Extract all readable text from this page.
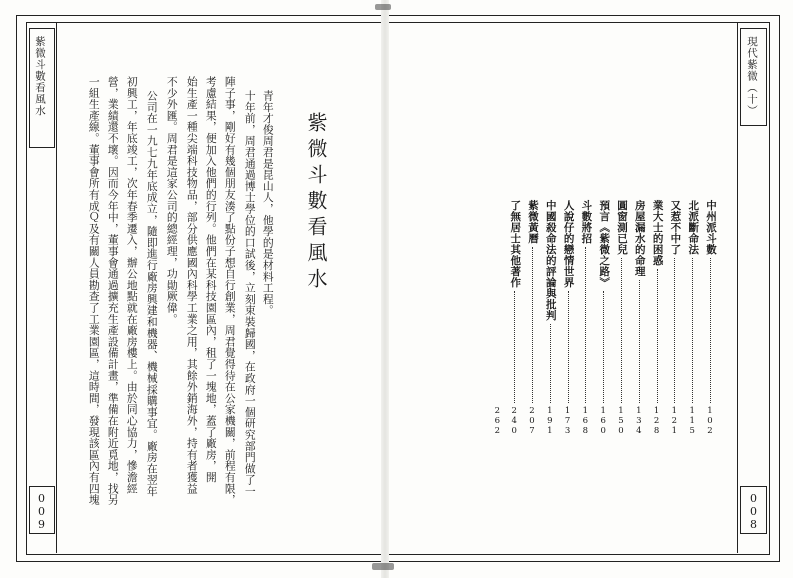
紫微斗數看風水
009
青年才俊周君是昆山人，他學的是材料工程。
十年前，周君通過博士學位的口試後，立刻束裝歸國，在政府一個研究部門做了一
陣子事，剛好有幾個朋友湊了點份子想自行創業，周君覺得待在公家機關，前程有限，
考慮結果，便加入他們的行列。他們在某科技園區內，租了一塊地，蓋了廠房，開
始生產一種尖端科技物品，部分供應國內科學工業之用，其餘外銷海外，持有者獲益
不少外匯。周君是這家公司的總經理，功勛厥偉。
公司在一九七九年底成立，隨即進行廠房興建和機器、機械採購事宜。廠房在翌年
初興工，年底竣工，次年春季遷入，辦公地點就在廠房樓上。由於同心協力，慘澹經
營，業績還不壞。因而今年中，董事會通過擴充生產設備計畫，準備在附近覓地，找另
一組生產線。董事會所有成Ｑ及有關人員勘查了工業園區，這時間，發現該區內有四塊	紫微斗數看風水
現代紫微（十）
008
中州派斗數
102
北派斷命法
115
又惹不中了
121
業大士的困惑
128
房屋漏水的命理
134
圓窗測已兒
150
預言《紫微之路》
160
斗數將招
168
人說仔的戀情世界
173
中國殺命法的評論與批判
191
紫微黃曆
207
了無居士其他著作
240
262
